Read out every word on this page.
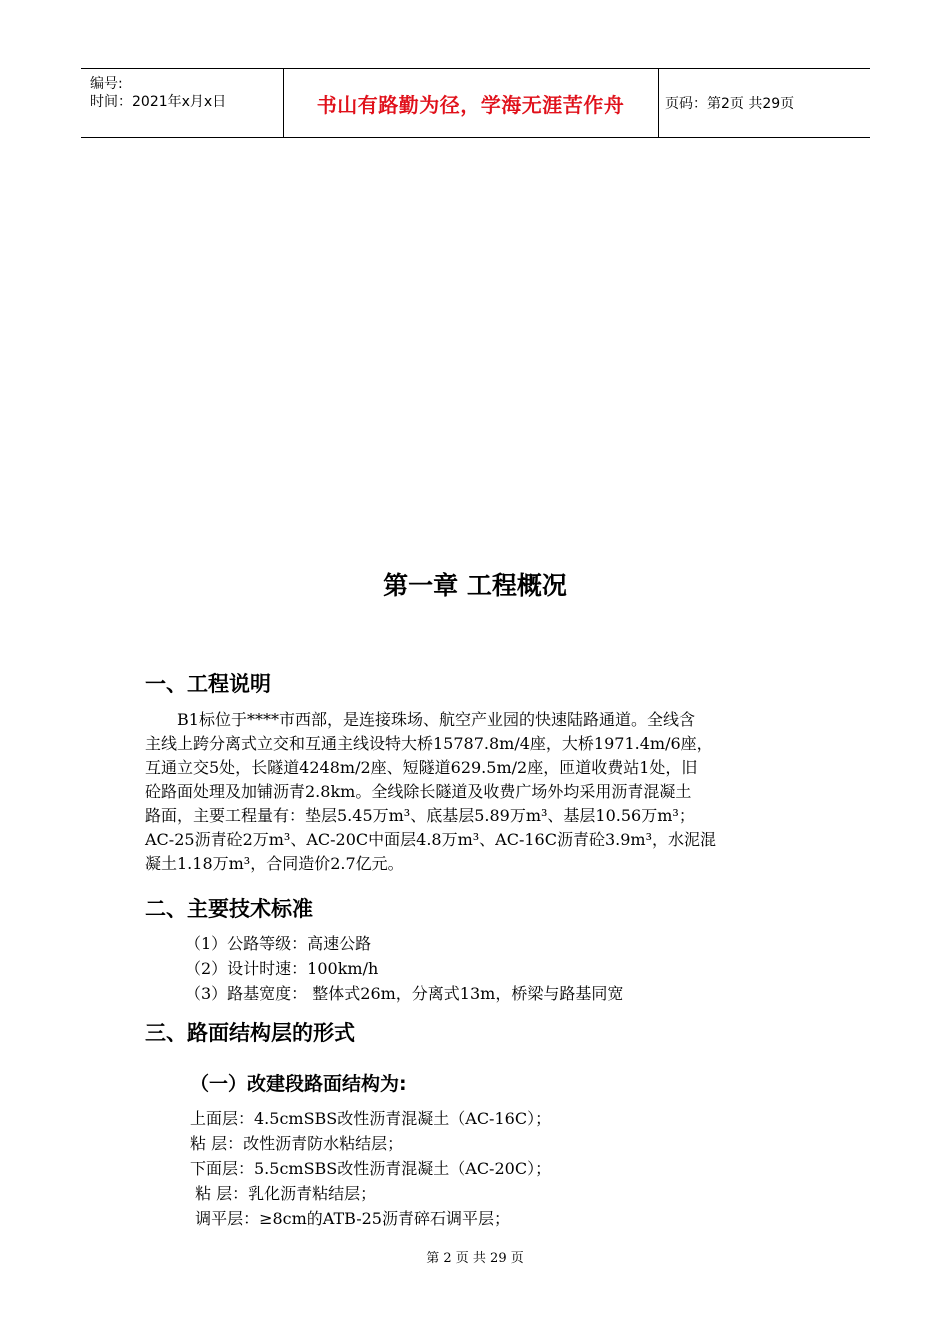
编号:
时间：2021年x月x日	书山有路勤为径，学海无涯苦作舟	页码：第2页 共29页
第一章 工程概况
一、工程说明
　　B1标位于****市西部，是连接珠场、航空产业园的快速陆路通道。全线含
主线上跨分离式立交和互通主线设特大桥15787.8m/4座，大桥1971.4m/6座，
互通立交5处，长隧道4248m/2座、短隧道629.5m/2座，匝道收费站1处，旧
砼路面处理及加铺沥青2.8km。全线除长隧道及收费广场外均采用沥青混凝土
路面，主要工程量有：垫层5.45万m³、底基层5.89万m³、基层10.56万m³；
AC-25沥青砼2万m³、AC-20C中面层4.8万m³、AC-16C沥青砼3.9m³，水泥混
凝土1.18万m³，合同造价2.7亿元。
二、主要技术标准
（1）公路等级：高速公路
（2）设计时速：100km/h
（3）路基宽度： 整体式26m，分离式13m，桥梁与路基同宽
三、路面结构层的形式
（一）改建段路面结构为:
上面层：4.5cmSBS改性沥青混凝土（AC-16C）；
粘 层：改性沥青防水粘结层；
下面层：5.5cmSBS改性沥青混凝土（AC-20C）；
粘 层：乳化沥青粘结层；
调平层：≥8cm的ATB-25沥青碎石调平层；
第 2 页 共 29 页
